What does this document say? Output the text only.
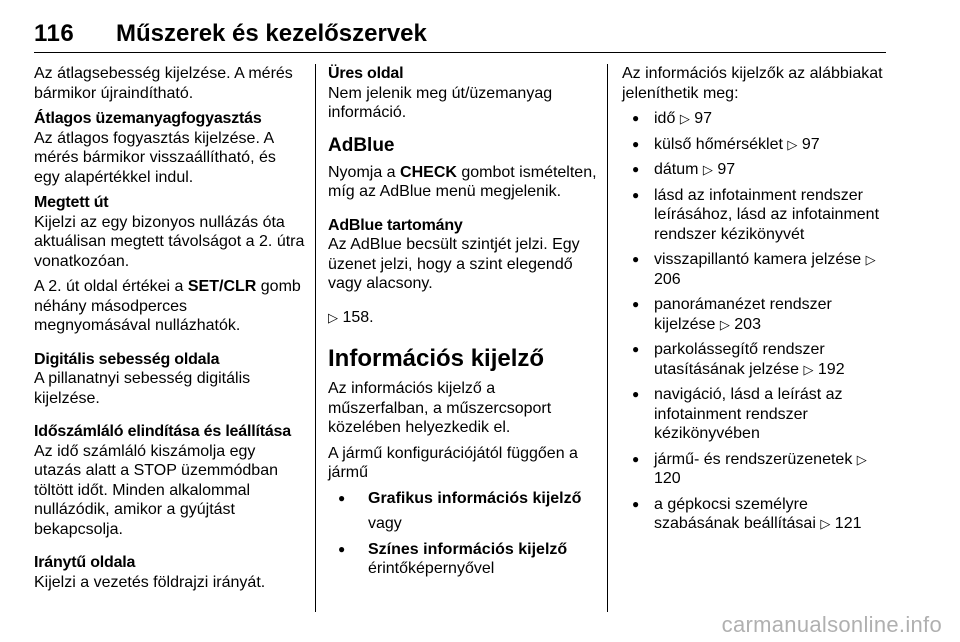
116 Műszerek és kezelőszervek

Az átlagsebesség kijelzése. A mérés bármikor újraindítható.

Átlagos üzemanyagfogyasztás

Az átlagos fogyasztás kijelzése. A mérés bármikor visszaállítható, és egy alapértékkel indul.

Megtett út

Kijelzi az egy bizonyos nullázás óta aktuálisan megtett távolságot a 2. útra vonatkozóan.

A 2. út oldal értékei a SET/CLR gomb néhány másodperces megnyomásával nullázhatók.

Digitális sebesség oldala

A pillanatnyi sebesség digitális kijelzése.

Időszámláló elindítása és leállítása

Az idő számláló kiszámolja egy utazás alatt a STOP üzemmódban töltött időt. Minden alkalommal nullázódik, amikor a gyújtást bekapcsolja.

Iránytű oldala

Kijelzi a vezetés földrajzi irányát.

Üres oldal

Nem jelenik meg út/üzemanyag információ.

AdBlue

Nyomja a CHECK gombot ismételten, míg az AdBlue menü megjelenik.

AdBlue tartomány

Az AdBlue becsült szintjét jelzi. Egy üzenet jelzi, hogy a szint elegendő vagy alacsony.

▷ 158.

Információs kijelző

Az információs kijelző a műszerfalban, a műszercsoport közelében helyezkedik el.

A jármű konfigurációjától függően a jármű

● Grafikus információs kijelző

vagy

● Színes információs kijelző
érintőképernyővel

Az információs kijelzők az alábbiakat jeleníthetik meg:

● idő ▷ 97
● külső hőmérséklet ▷ 97
● dátum ▷ 97
● lásd az infotainment rendszer leírásához, lásd az infotainment rendszer kézikönyvét
● visszapillantó kamera jelzése ▷ 206
● panorámanézet rendszer kijelzése ▷ 203
● parkolássegítő rendszer utasításának jelzése ▷ 192
● navigáció, lásd a leírást az infotainment rendszer kézikönyvében
● jármű- és rendszerüzenetek ▷ 120
● a gépkocsi személyre szabásának beállításai ▷ 121
carmanualsonline.info
